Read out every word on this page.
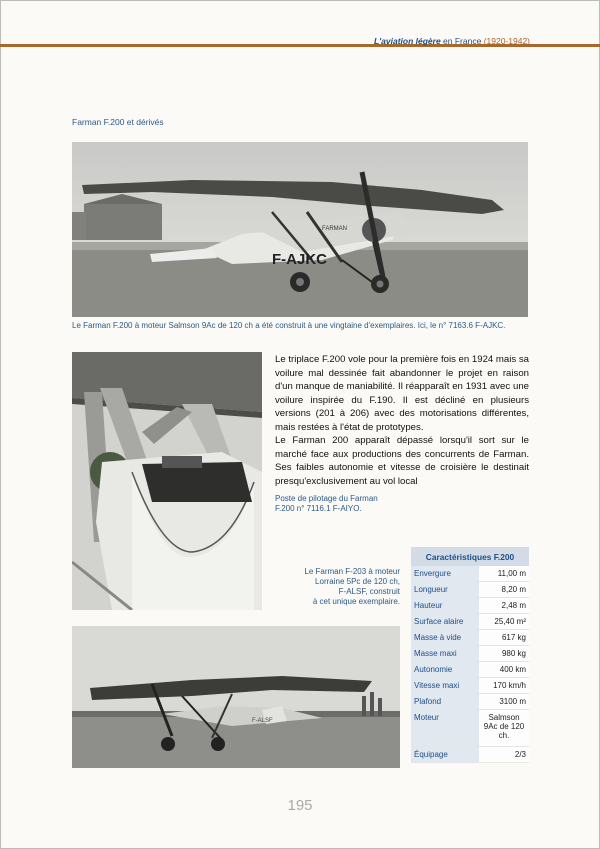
L'aviation légère en France (1920-1942)
Farman F.200 et dérivés
F-AJKC
FARMAN
Le Farman F.200 à moteur Salmson 9Ac de 120 ch a été construit à une vingtaine d'exemplaires. Ici, le n° 7163.6 F-AJKC.

Le triplace F.200 vole pour la première fois en 1924 mais sa voilure mal dessinée fait abandonner le projet en raison d'un manque de maniabilité. Il réapparaît en 1931 avec une voilure inspirée du F.190. Il est décliné en plusieurs versions (201 à 206) avec des motorisations différentes, mais restées à l'état de prototypes.

Le Farman 200 apparaît dépassé lorsqu'il sort sur le marché face aux productions des concurrents de Farman. Ses faibles autonomie et vitesse de croisière le destinait presqu'exclusivement au vol local

Poste de pilotage du Farman
F.200 n° 7116.1 F-AIYO.
Le Farman F-203 à moteur
Lorraine 5Pc de 120 ch,
F-ALSF, construit
à cet unique exemplaire.
F-ALSF
Caractéristiques F.200	
Envergure	11,00 m
Longueur	8,20 m
Hauteur	2,48 m
Surface alaire	25,40 m²
Masse à vide	617 kg
Masse maxi	980 kg
Autonomie	400 km
Vitesse maxi	170 km/h
Plafond	3100 m
Moteur	Salmson 9Ac de 120 ch.
Équipage	2/3
195
